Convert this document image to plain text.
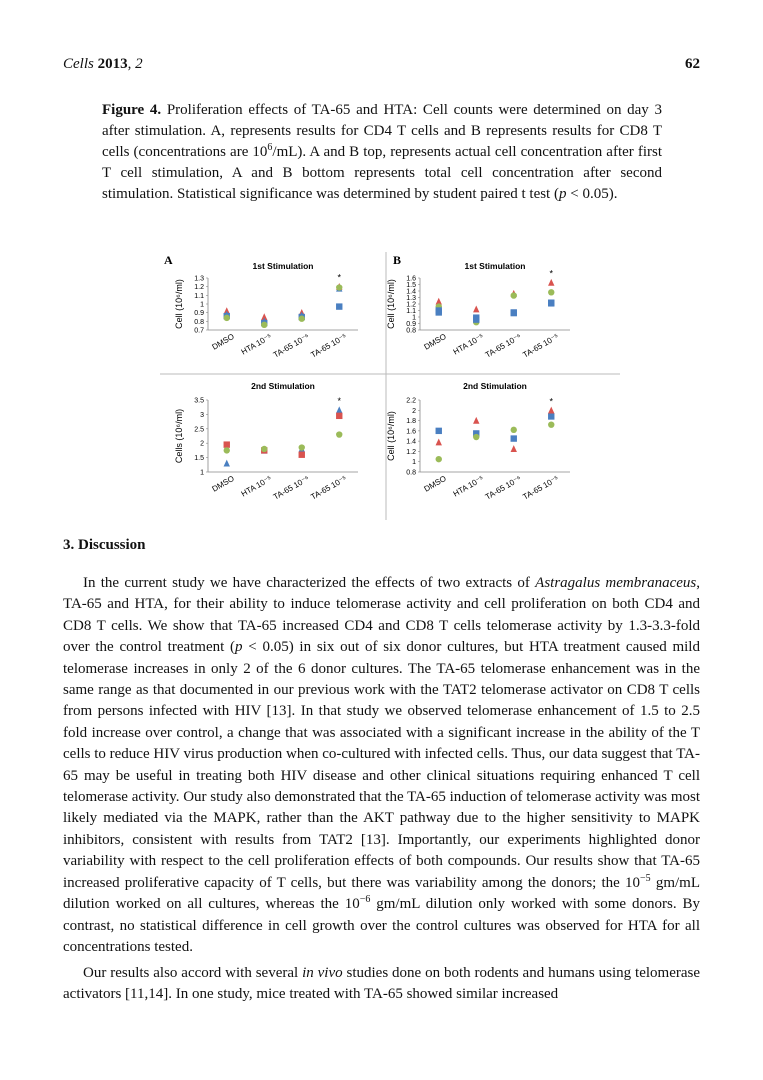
Cells 2013, 2	62
Figure 4. Proliferation effects of TA-65 and HTA: Cell counts were determined on day 3 after stimulation. A, represents results for CD4 T cells and B represents results for CD8 T cells (concentrations are $10^6/mL$). A and B top, represents actual cell concentration after first T cell stimulation, A and B bottom represents total cell concentration after second stimulation. Statistical significance was determined by student paired t test (p < 0.05).
A	B
1st Stimulation
0.7
0.8
0.9
1
1.1
1.2
1.3
Cell (10⁶/ml)
DMSO HTA 10⁻⁵
TA-65 10⁻⁶
TA-65 10⁻⁵
*
1st Stimulation
0.8
0.9
1
1.1
1.2
1.3
1.4
1.5
1.6
Cell (10⁶/ml)
DMSO HTA 10⁻⁵
TA-65 10⁻⁶
TA-65 10⁻⁵
*
2nd Stimulation
1
1.5
2
2.5
3
3.5
Cells (10⁶/ml)
DMSO HTA 10⁻⁵
TA-65 10⁻⁶
TA-65 10⁻⁵
*
2nd Stimulation
0.8
1
1.2
1.4
1.6
1.8
2
2.2
Cell (10⁶/ml)
DMSO HTA 10⁻⁵
TA-65 10⁻⁶
TA-65 10⁻⁵
*
3. Discussion
In the current study we have characterized the effects of two extracts of Astragalus membranaceus, TA-65 and HTA, for their ability to induce telomerase activity and cell proliferation on both CD4 and CD8 T cells. We show that TA-65 increased CD4 and CD8 T cells telomerase activity by 1.3-3.3-fold over the control treatment (p < 0.05) in six out of six donor cultures, but HTA treatment caused mild telomerase increases in only 2 of the 6 donor cultures. The TA-65 telomerase enhancement was in the same range as that documented in our previous work with the TAT2 telomerase activator on CD8 T cells from persons infected with HIV [13]. In that study we observed telomerase enhancement of 1.5 to 2.5 fold increase over control, a change that was associated with a significant increase in the ability of the T cells to reduce HIV virus production when co-cultured with infected cells. Thus, our data suggest that TA-65 may be useful in treating both HIV disease and other clinical situations requiring enhanced T cell telomerase activity. Our study also demonstrated that the TA-65 induction of telomerase activity was most likely mediated via the MAPK, rather than the AKT pathway due to the higher sensitivity to MAPK inhibitors, consistent with results from TAT2 [13]. Importantly, our experiments highlighted donor variability with respect to the cell proliferation effects of both compounds. Our results show that TA-65 increased proliferative capacity of T cells, but there was variability among the donors; the $10^{-5}$ gm/mL dilution worked on all cultures, whereas the $10^{-6}$ gm/mL dilution only worked with some donors. By contrast, no statistical difference in cell growth over the control cultures was observed for HTA for all concentrations tested.
Our results also accord with several in vivo studies done on both rodents and humans using telomerase activators [11,14]. In one study, mice treated with TA-65 showed similar increased
